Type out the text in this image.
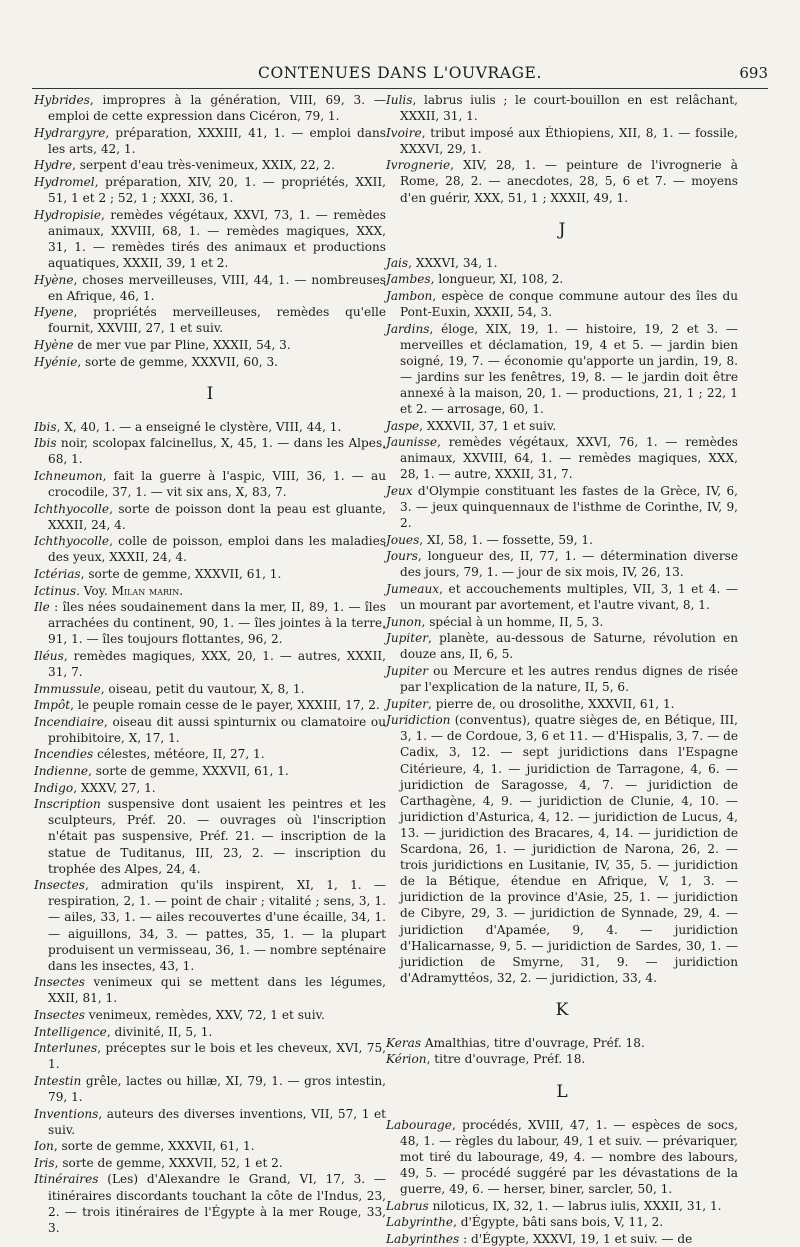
CONTENUES DANS L'OUVRAGE.	693
Hybrides, impropres à la génération, VIII, 69, 3. — emploi de cette expression dans Cicéron, 79, 1.
Hydrargyre, préparation, XXXIII, 41, 1. — emploi dans les arts, 42, 1.
Hydre, serpent d'eau très-venimeux, XXIX, 22, 2.
Hydromel, préparation, XIV, 20, 1. — propriétés, XXII, 51, 1 et 2 ; 52, 1 ; XXXI, 36, 1.
Hydropisie, remèdes végétaux, XXVI, 73, 1. — remèdes animaux, XXVIII, 68, 1. — remèdes magiques, XXX, 31, 1. — remèdes tirés des animaux et productions aquatiques, XXXII, 39, 1 et 2.
Hyène, choses merveilleuses, VIII, 44, 1. — nombreuses en Afrique, 46, 1.
Hyene, propriétés merveilleuses, remèdes qu'elle fournit, XXVIII, 27, 1 et suiv.
Hyène de mer vue par Pline, XXXII, 54, 3.
Hyénie, sorte de gemme, XXXVII, 60, 3.
I
Ibis, X, 40, 1. — a enseigné le clystère, VIII, 44, 1.
Ibis noir, scolopax falcinellus, X, 45, 1. — dans les Alpes, 68, 1.
Ichneumon, fait la guerre à l'aspic, VIII, 36, 1. — au crocodile, 37, 1. — vit six ans, X, 83, 7.
Ichthyocolle, sorte de poisson dont la peau est gluante, XXXII, 24, 4.
Ichthyocolle, colle de poisson, emploi dans les maladies des yeux, XXXII, 24, 4.
Ictérias, sorte de gemme, XXXVII, 61, 1.
Ictinus. Voy. Milan marin.
Ile : îles nées soudainement dans la mer, II, 89, 1. — îles arrachées du continent, 90, 1. — îles jointes à la terre, 91, 1. — îles toujours flottantes, 96, 2.
Iléus, remèdes magiques, XXX, 20, 1. — autres, XXXII, 31, 7.
Immussule, oiseau, petit du vautour, X, 8, 1.
Impôt, le peuple romain cesse de le payer, XXXIII, 17, 2.
Incendiaire, oiseau dit aussi spinturnix ou clamatoire ou prohibitoire, X, 17, 1.
Incendies célestes, météore, II, 27, 1.
Indienne, sorte de gemme, XXXVII, 61, 1.
Indigo, XXXV, 27, 1.
Inscription suspensive dont usaient les peintres et les sculpteurs, Préf. 20. — ouvrages où l'inscription n'était pas suspensive, Préf. 21. — inscription de la statue de Tuditanus, III, 23, 2. — inscription du trophée des Alpes, 24, 4.
Insectes, admiration qu'ils inspirent, XI, 1, 1. — respiration, 2, 1. — point de chair ; vitalité ; sens, 3, 1. — ailes, 33, 1. — ailes recouvertes d'une écaille, 34, 1. — aiguillons, 34, 3. — pattes, 35, 1. — la plupart produisent un vermisseau, 36, 1. — nombre septénaire dans les insectes, 43, 1.
Insectes venimeux qui se mettent dans les légumes, XXII, 81, 1.
Insectes venimeux, remèdes, XXV, 72, 1 et suiv.
Intelligence, divinité, II, 5, 1.
Interlunes, préceptes sur le bois et les cheveux, XVI, 75, 1.
Intestin grêle, lactes ou hillæ, XI, 79, 1. — gros intestin, 79, 1.
Inventions, auteurs des diverses inventions, VII, 57, 1 et suiv.
Ion, sorte de gemme, XXXVII, 61, 1.
Iris, sorte de gemme, XXXVII, 52, 1 et 2.
Itinéraires (Les) d'Alexandre le Grand, VI, 17, 3. — itinéraires discordants touchant la côte de l'Indus, 23, 2. — trois itinéraires de l'Égypte à la mer Rouge, 33, 3.
Iulis, labrus iulis ; le court-bouillon en est relâchant, XXXII, 31, 1.
Ivoire, tribut imposé aux Éthiopiens, XII, 8, 1. — fossile, XXXVI, 29, 1.
Ivrognerie, XIV, 28, 1. — peinture de l'ivrognerie à Rome, 28, 2. — anecdotes, 28, 5, 6 et 7. — moyens d'en guérir, XXX, 51, 1 ; XXXII, 49, 1.
J
Jais, XXXVI, 34, 1.
Jambes, longueur, XI, 108, 2.
Jambon, espèce de conque commune autour des îles du Pont-Euxin, XXXII, 54, 3.
Jardins, éloge, XIX, 19, 1. — histoire, 19, 2 et 3. — merveilles et déclamation, 19, 4 et 5. — jardin bien soigné, 19, 7. — économie qu'apporte un jardin, 19, 8. — jardins sur les fenêtres, 19, 8. — le jardin doit être annexé à la maison, 20, 1. — productions, 21, 1 ; 22, 1 et 2. — arrosage, 60, 1.
Jaspe, XXXVII, 37, 1 et suiv.
Jaunisse, remèdes végétaux, XXVI, 76, 1. — remèdes animaux, XXVIII, 64, 1. — remèdes magiques, XXX, 28, 1. — autre, XXXII, 31, 7.
Jeux d'Olympie constituant les fastes de la Grèce, IV, 6, 3. — jeux quinquennaux de l'isthme de Corinthe, IV, 9, 2.
Joues, XI, 58, 1. — fossette, 59, 1.
Jours, longueur des, II, 77, 1. — détermination diverse des jours, 79, 1. — jour de six mois, IV, 26, 13.
Jumeaux, et accouchements multiples, VII, 3, 1 et 4. — un mourant par avortement, et l'autre vivant, 8, 1.
Junon, spécial à un homme, II, 5, 3.
Jupiter, planète, au-dessous de Saturne, révolution en douze ans, II, 6, 5.
Jupiter ou Mercure et les autres rendus dignes de risée par l'explication de la nature, II, 5, 6.
Jupiter, pierre de, ou drosolithe, XXXVII, 61, 1.
Juridiction (conventus), quatre sièges de, en Bétique, III, 3, 1. — de Cordoue, 3, 6 et 11. — d'Hispalis, 3, 7. — de Cadix, 3, 12. — sept juridictions dans l'Espagne Citérieure, 4, 1. — juridiction de Tarragone, 4, 6. — juridiction de Saragosse, 4, 7. — juridiction de Carthagène, 4, 9. — juridiction de Clunie, 4, 10. — juridiction d'Asturica, 4, 12. — juridiction de Lucus, 4, 13. — juridiction des Bracares, 4, 14. — juridiction de Scardona, 26, 1. — juridiction de Narona, 26, 2. — trois juridictions en Lusitanie, IV, 35, 5. — juridiction de la Bétique, étendue en Afrique, V, 1, 3. — juridiction de la province d'Asie, 25, 1. — juridiction de Cibyre, 29, 3. — juridiction de Synnade, 29, 4. — juridiction d'Apamée, 9, 4. — juridiction d'Halicarnasse, 9, 5. — juridiction de Sardes, 30, 1. — juridiction de Smyrne, 31, 9. — juridiction d'Adramyttéos, 32, 2. — juridiction, 33, 4.
K
Keras Amalthias, titre d'ouvrage, Préf. 18.
Kérion, titre d'ouvrage, Préf. 18.
L
Labourage, procédés, XVIII, 47, 1. — espèces de socs, 48, 1. — règles du labour, 49, 1 et suiv. — prévariquer, mot tiré du labourage, 49, 4. — nombre des labours, 49, 5. — procédé suggéré par les dévastations de la guerre, 49, 6. — herser, biner, sarcler, 50, 1.
Labrus niloticus, IX, 32, 1. — labrus iulis, XXXII, 31, 1.
Labyrinthe, d'Égypte, bâti sans bois, V, 11, 2.
Labyrinthes : d'Égypte, XXXVI, 19, 1 et suiv. — de
